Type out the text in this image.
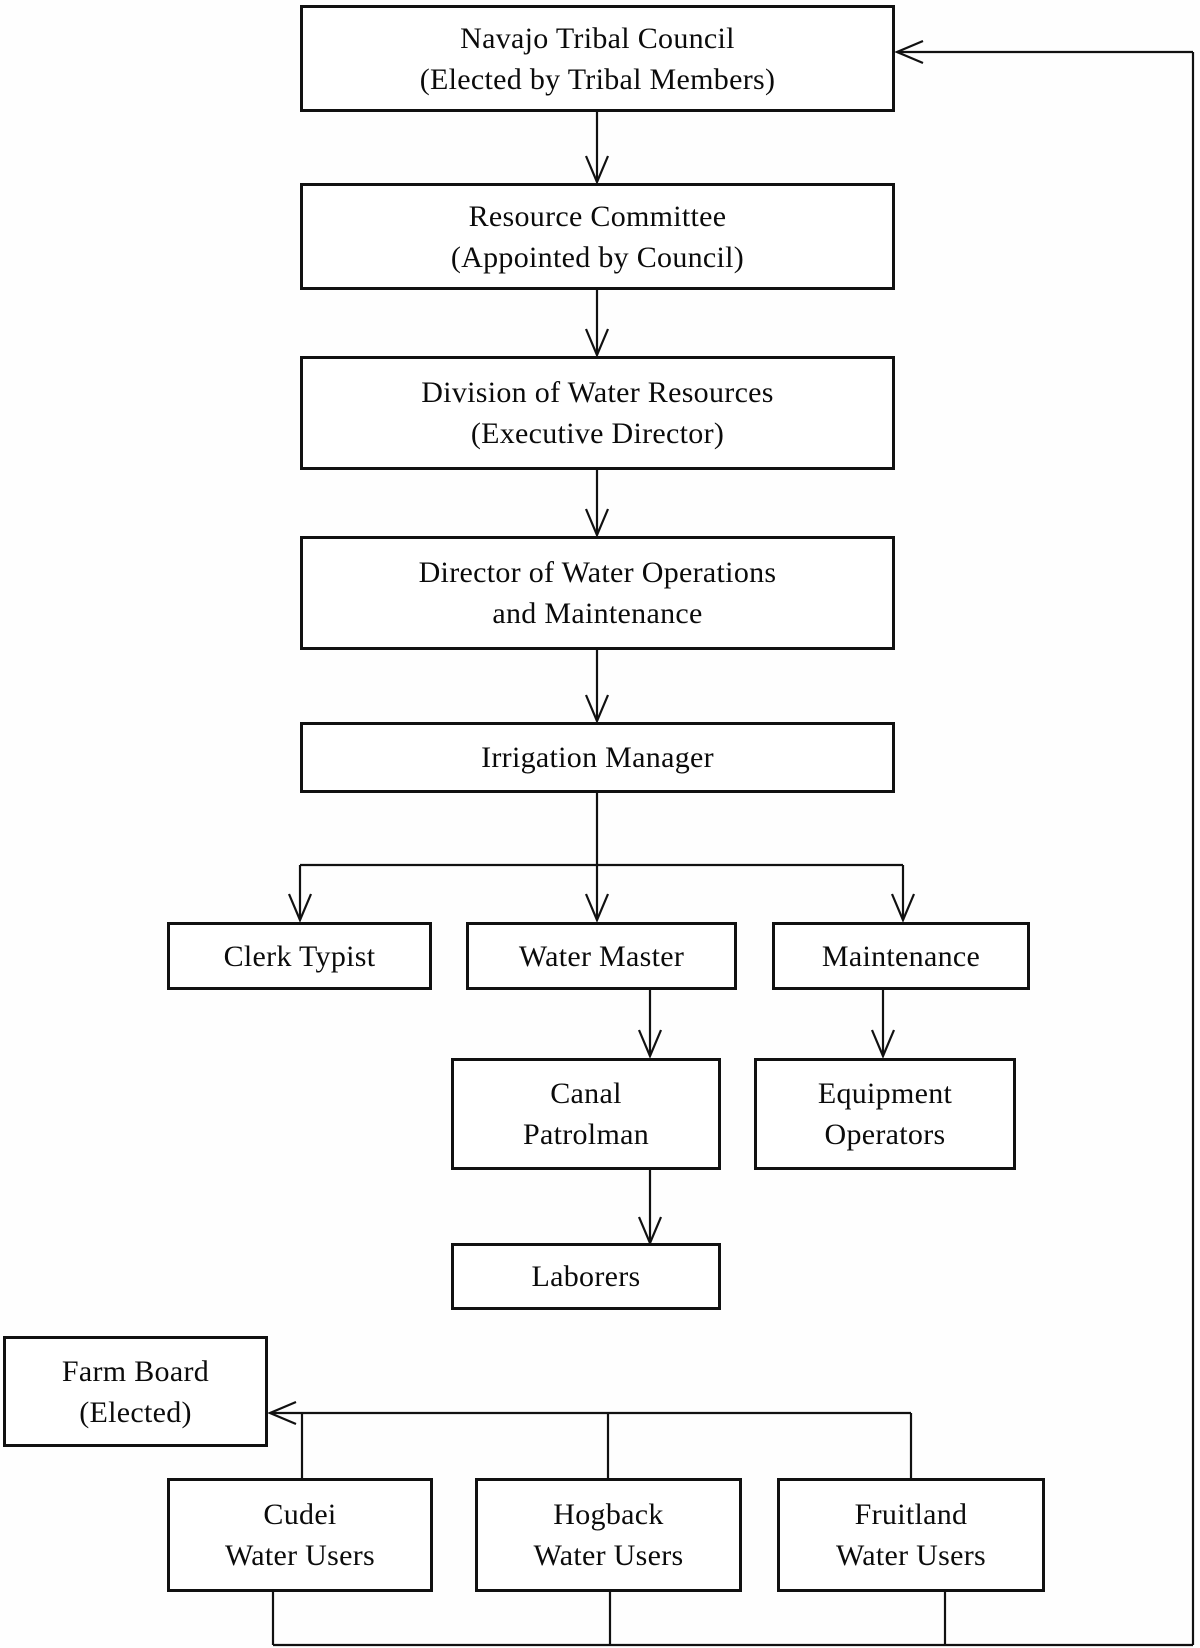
Navajo Tribal Council
(Elected by Tribal Members)
Resource Committee
(Appointed by Council)
Division of Water Resources
(Executive Director)
Director of Water Operations
and Maintenance
Irrigation Manager
Clerk Typist	Water Master	Maintenance
Canal
Patrolman
Equipment
Operators
Laborers
Farm Board
(Elected)
Cudei
Water Users
Hogback
Water Users
Fruitland
Water Users
